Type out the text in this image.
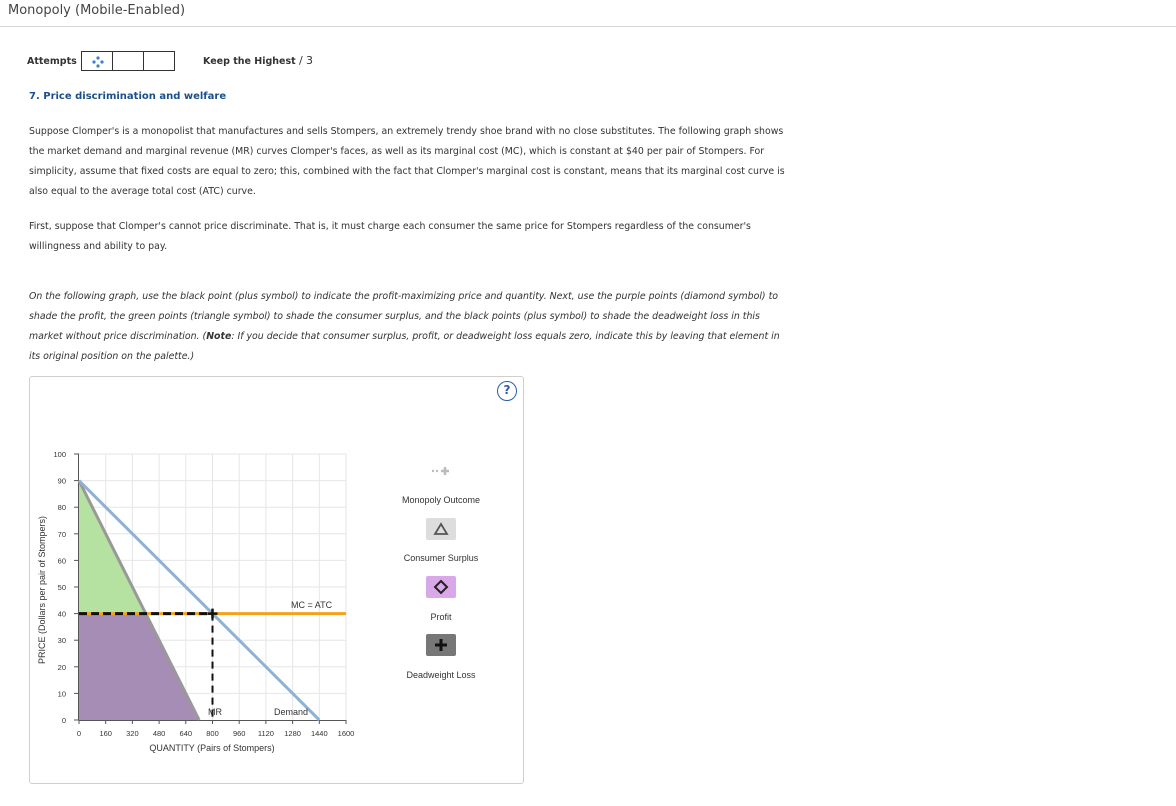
Monopoly (Mobile-Enabled)
Attempts	Keep the Highest / 3
7. Price discrimination and welfare
Suppose Clomper's is a monopolist that manufactures and sells Stompers, an extremely trendy shoe brand with no close substitutes. The following graph shows the market demand and marginal revenue (MR) curves Clomper's faces, as well as its marginal cost (MC), which is constant at $40 per pair of Stompers. For simplicity, assume that fixed costs are equal to zero; this, combined with the fact that Clomper's marginal cost is constant, means that its marginal cost curve is also equal to the average total cost (ATC) curve.
First, suppose that Clomper's cannot price discriminate. That is, it must charge each consumer the same price for Stompers regardless of the consumer's willingness and ability to pay.
On the following graph, use the black point (plus symbol) to indicate the profit-maximizing price and quantity. Next, use the purple points (diamond symbol) to shade the profit, the green points (triangle symbol) to shade the consumer surplus, and the black points (plus symbol) to shade the deadweight loss in this market without price discrimination. (Note: If you decide that consumer surplus, profit, or deadweight loss equals zero, indicate this by leaving that element in its original position on the palette.)
?
0 160 320 480 640 800 960 1120 1280 1440 1600
0
10
20
30
40
50
60
70
80
90
100
MC = ATC
MR	Demand
QUANTITY (Pairs of Stompers)
PRICE (Dollars per pair of Stompers)
Monopoly Outcome
Consumer Surplus
Profit
Deadweight Loss
